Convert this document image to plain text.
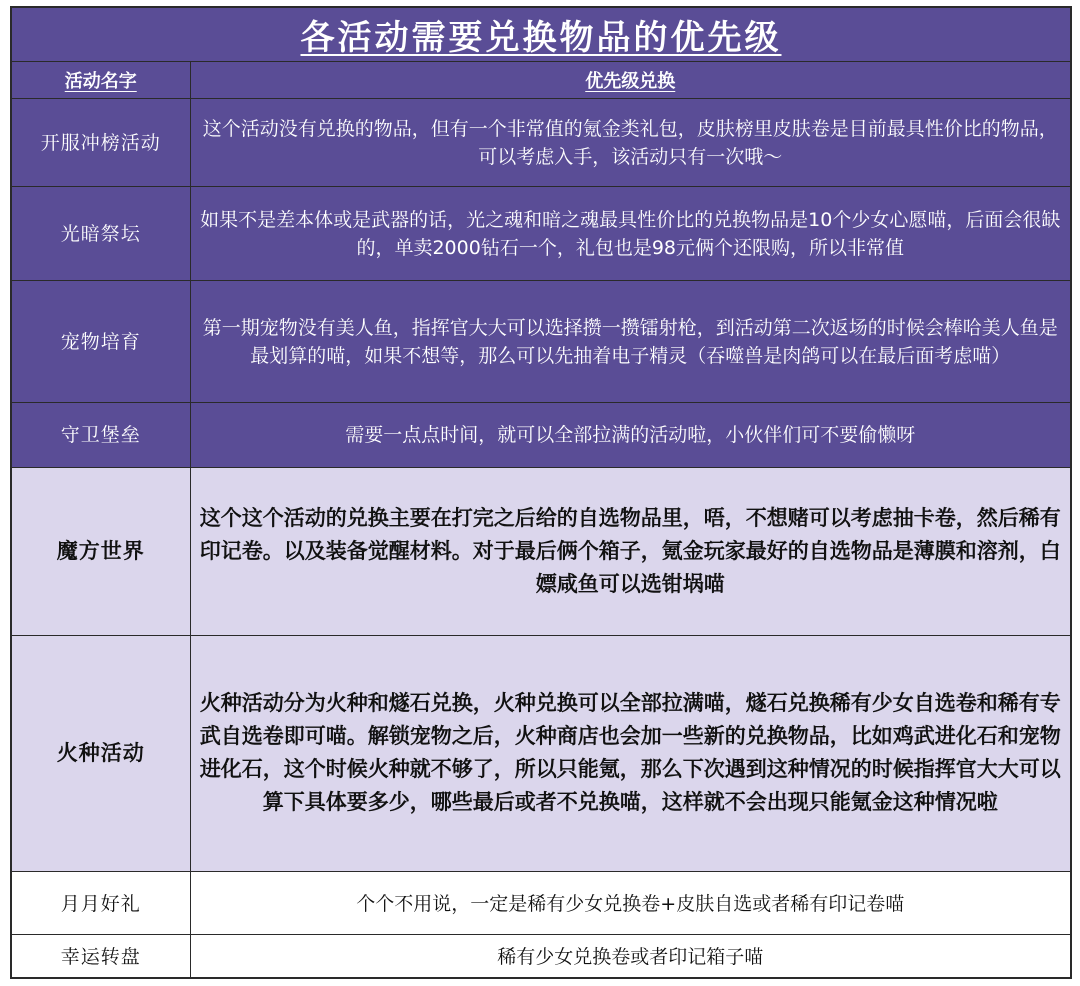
各活动需要兑换物品的优先级	
活动名字	优先级兑换
开服冲榜活动	这个活动没有兑换的物品，但有一个非常值的氪金类礼包，皮肤榜里皮肤卷是目前最具性价比的物品，可以考虑入手，该活动只有一次哦～
光暗祭坛	如果不是差本体或是武器的话，光之魂和暗之魂最具性价比的兑换物品是10个少女心愿喵，后面会很缺的，单卖2000钻石一个，礼包也是98元俩个还限购，所以非常值
宠物培育	第一期宠物没有美人鱼，指挥官大大可以选择攒一攒镭射枪，到活动第二次返场的时候会棒哈美人鱼是最划算的喵，如果不想等，那么可以先抽着电子精灵（吞噬兽是肉鸽可以在最后面考虑喵）
守卫堡垒	需要一点点时间，就可以全部拉满的活动啦，小伙伴们可不要偷懒呀
魔方世界	这个这个活动的兑换主要在打完之后给的自选物品里，唔，不想赌可以考虑抽卡卷，然后稀有印记卷。以及装备觉醒材料。对于最后俩个箱子，氪金玩家最好的自选物品是薄膜和溶剂，白嫖咸鱼可以选钳埚喵
火种活动	火种活动分为火种和燧石兑换，火种兑换可以全部拉满喵，燧石兑换稀有少女自选卷和稀有专武自选卷即可喵。解锁宠物之后，火种商店也会加一些新的兑换物品，比如鸡武进化石和宠物进化石，这个时候火种就不够了，所以只能氪，那么下次遇到这种情况的时候指挥官大大可以算下具体要多少，哪些最后或者不兑换喵，这样就不会出现只能氪金这种情况啦
月月好礼	个个不用说，一定是稀有少女兑换卷+皮肤自选或者稀有印记卷喵
幸运转盘	稀有少女兑换卷或者印记箱子喵
